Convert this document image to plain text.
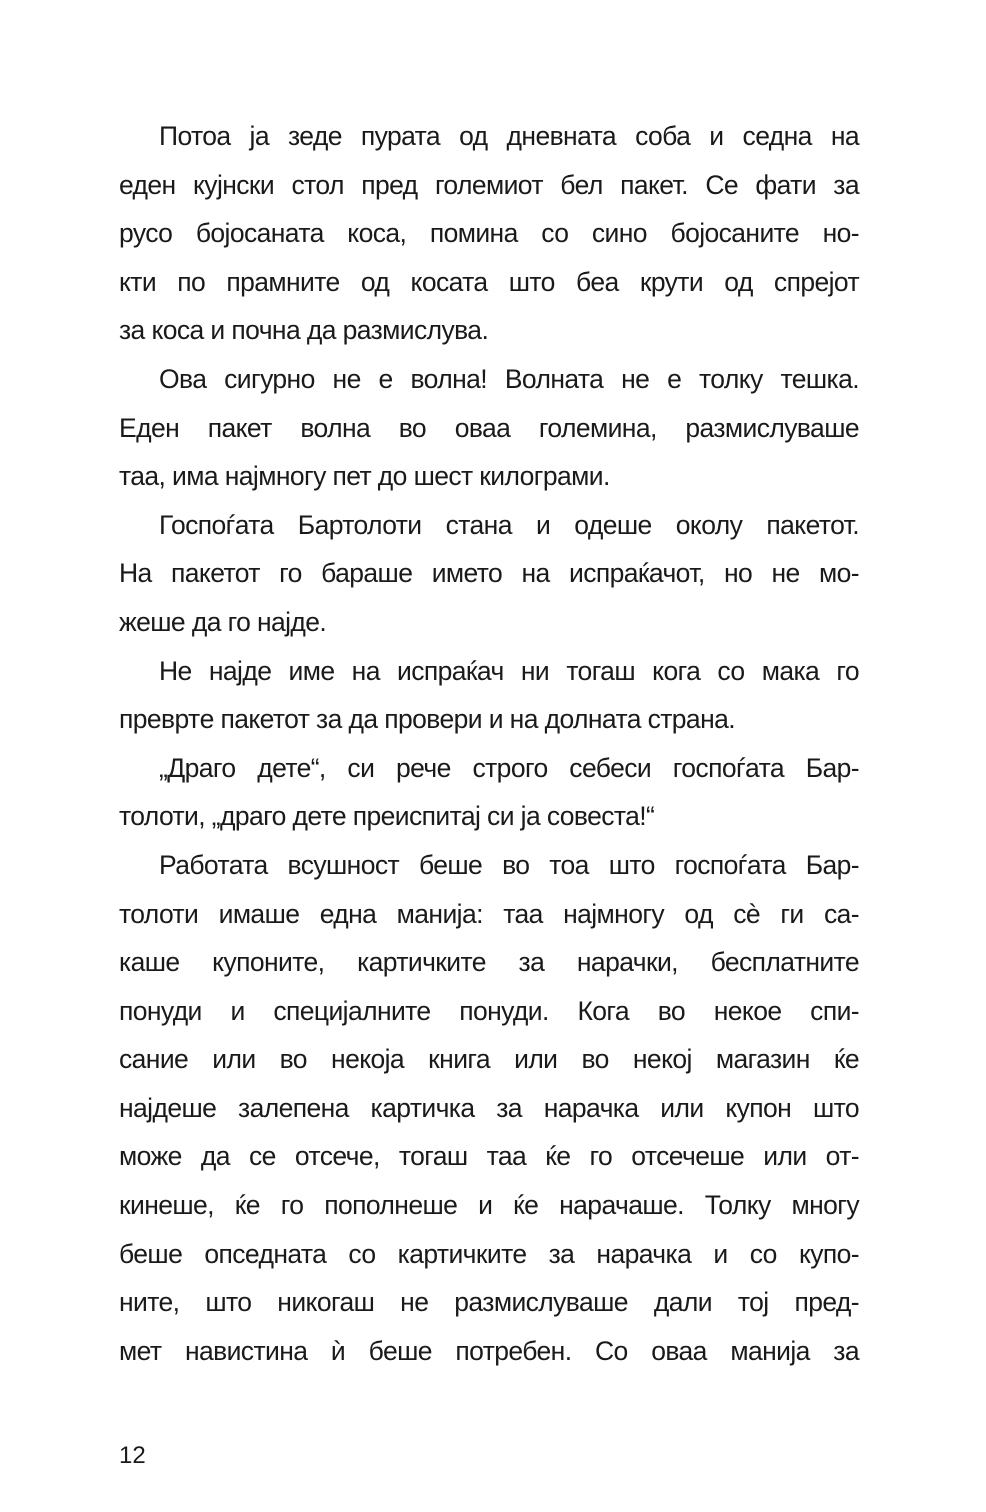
Потоа ја зеде пурата од дневната соба и седна на
еден кујнски стол пред големиот бел пакет. Се фати за
русо бојосаната коса, помина со сино бојосаните но-
кти по прамните од косата што беа крути од спрејот
за коса и почна да размислува.
Ова сигурно не е волна! Волната не е толку тешка.
Еден пакет волна во оваа големина, размислуваше
таа, има најмногу пет до шест килограми.
Госпоѓата Бартолоти стана и одеше околу пакетот.
На пакетот го бараше името на испраќачот, но не мо-
жеше да го најде.
Не најде име на испраќач ни тогаш кога со мака го
превртe пакетот за да провери и на долната страна.
„Драго дете“, си рече строго себеси госпоѓата Бар-
толоти, „драго дете преиспитај си ја совеста!“
Работата всушност беше во тоа што госпоѓата Бар-
толоти имаше една манија: таа најмногу од сѐ ги са-
каше купоните, картичките за нарачки, бесплатните
понуди и специјалните понуди. Кога во некое спи-
сание или во некоја книга или во некој магазин ќе
најдеше залепена картичка за нарачка или купон што
може да се отсече, тогаш таа ќе го отсечеше или от-
кинеше, ќе го пополнеше и ќе нарачаше. Толку многу
беше опседната со картичките за нарачка и со купо-
ните, што никогаш не размислуваше дали тој пред-
мет навистина ѝ беше потребен. Со оваа манија за
12
